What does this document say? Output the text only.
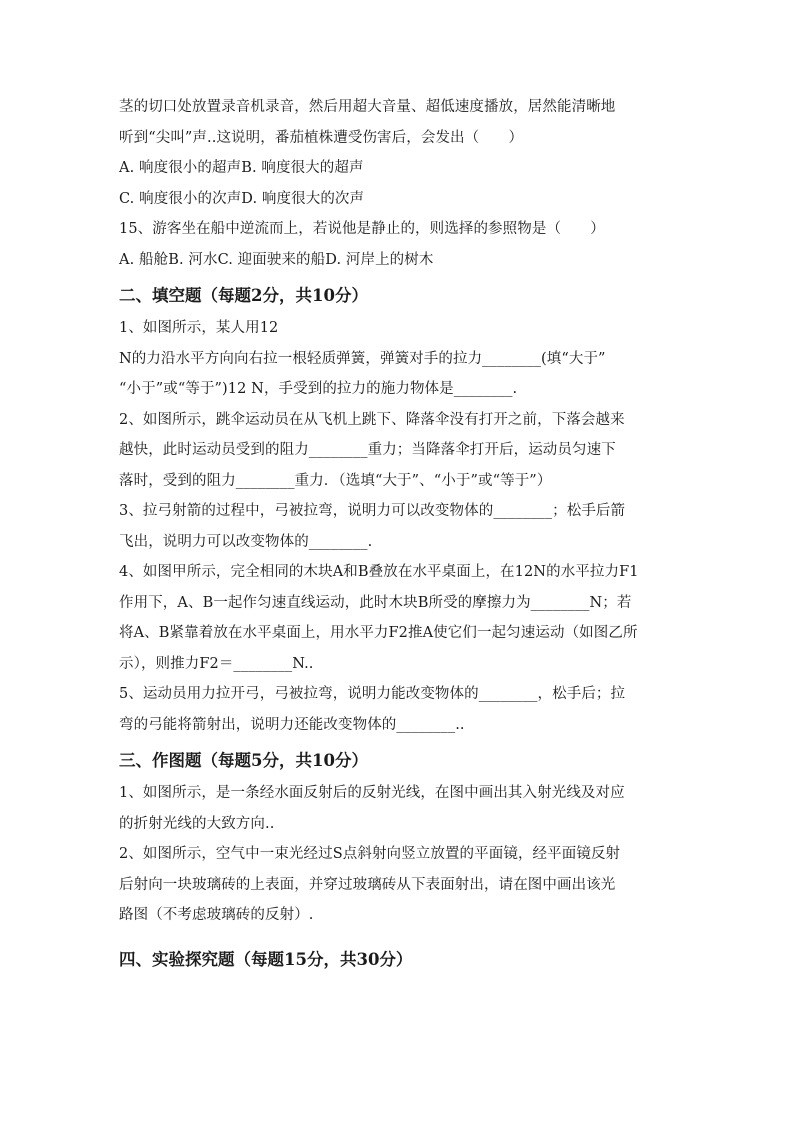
茎的切口处放置录音机录音，然后用超大音量、超低速度播放，居然能清晰地
听到“尖叫”声..这说明，番茄植株遭受伤害后，会发出（　　）
A. 响度很小的超声B. 响度很大的超声
C. 响度很小的次声D. 响度很大的次声
15、游客坐在船中逆流而上，若说他是静止的，则选择的参照物是（　　）
A. 船舱B. 河水C. 迎面驶来的船D. 河岸上的树木
二、填空题（每题2分，共10分）
1、如图所示，某人用12
N的力沿水平方向向右拉一根轻质弹簧，弹簧对手的拉力________(填“大于”
“小于”或“等于”)12 N，手受到的拉力的施力物体是________.
2、如图所示，跳伞运动员在从飞机上跳下、降落伞没有打开之前，下落会越来
越快，此时运动员受到的阻力________重力；当降落伞打开后，运动员匀速下
落时，受到的阻力________重力．（选填“大于”、“小于”或“等于”）
3、拉弓射箭的过程中，弓被拉弯，说明力可以改变物体的________；松手后箭
飞出，说明力可以改变物体的________.
4、如图甲所示，完全相同的木块A和B叠放在水平桌面上，在12N的水平拉力F1
作用下，A、B一起作匀速直线运动，此时木块B所受的摩擦力为________N；若
将A、B紧靠着放在水平桌面上，用水平力F2推A使它们一起匀速运动（如图乙所
示），则推力F2＝________N..
5、运动员用力拉开弓，弓被拉弯，说明力能改变物体的________，松手后；拉
弯的弓能将箭射出，说明力还能改变物体的________..
三、作图题（每题5分，共10分）
1、如图所示，是一条经水面反射后的反射光线，在图中画出其入射光线及对应
的折射光线的大致方向..
2、如图所示，空气中一束光经过S点斜射向竖立放置的平面镜，经平面镜反射
后射向一块玻璃砖的上表面，并穿过玻璃砖从下表面射出，请在图中画出该光
路图（不考虑玻璃砖的反射）.
四、实验探究题（每题15分，共30分）
